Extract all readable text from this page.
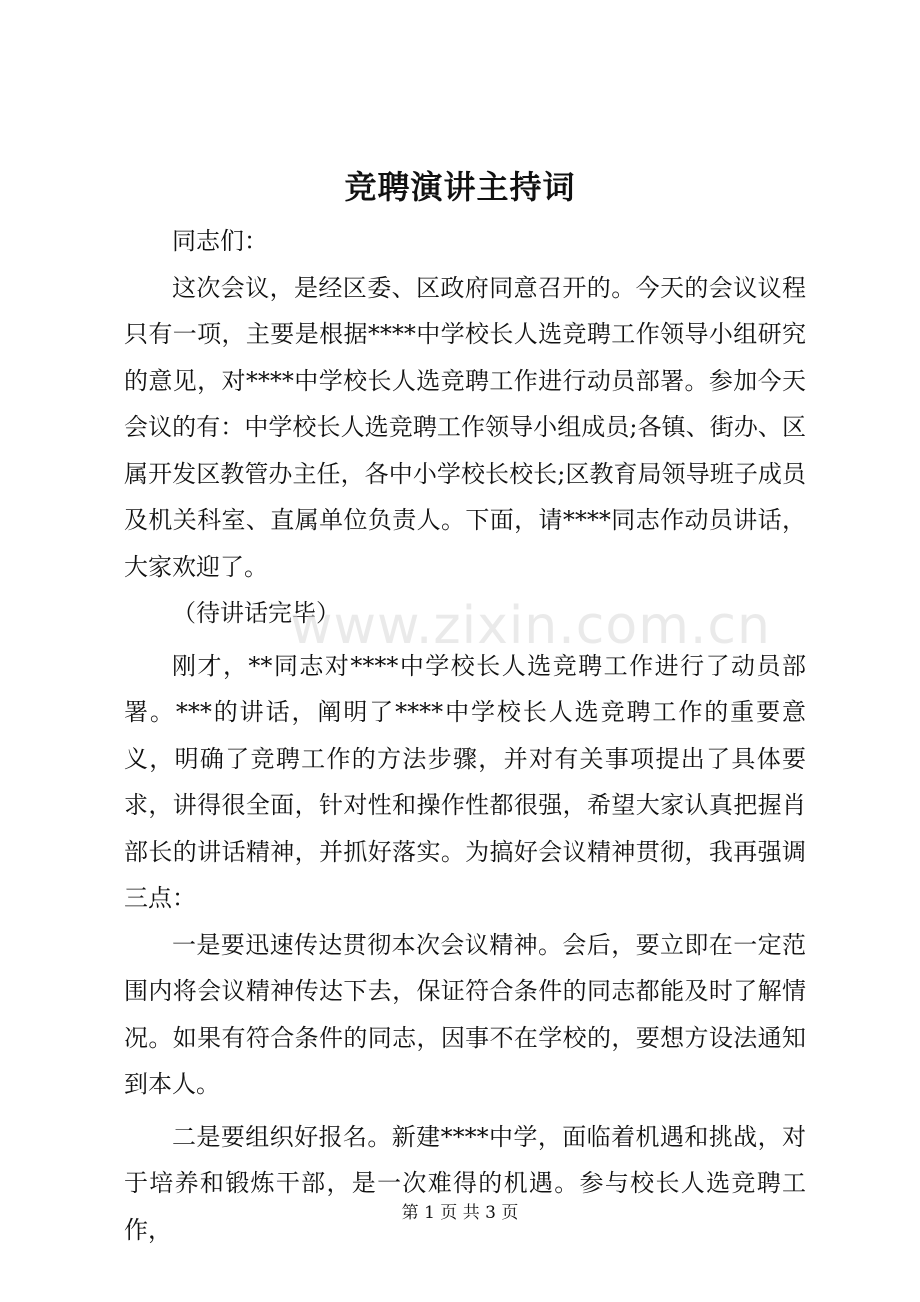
竞聘演讲主持词

同志们：

这次会议，是经区委、区政府同意召开的。今天的会议议程只有一项，主要是根据****中学校长人选竞聘工作领导小组研究的意见，对****中学校长人选竞聘工作进行动员部署。参加今天会议的有：中学校长人选竞聘工作领导小组成员;各镇、街办、区属开发区教管办主任，各中小学校长校长;区教育局领导班子成员及机关科室、直属单位负责人。下面，请****同志作动员讲话，大家欢迎了。

（待讲话完毕）

刚才，**同志对****中学校长人选竞聘工作进行了动员部署。***的讲话，阐明了****中学校长人选竞聘工作的重要意义，明确了竞聘工作的方法步骤，并对有关事项提出了具体要求，讲得很全面，针对性和操作性都很强，希望大家认真把握肖部长的讲话精神，并抓好落实。为搞好会议精神贯彻，我再强调三点：

一是要迅速传达贯彻本次会议精神。会后，要立即在一定范围内将会议精神传达下去，保证符合条件的同志都能及时了解情况。如果有符合条件的同志，因事不在学校的，要想方设法通知到本人。

二是要组织好报名。新建****中学，面临着机遇和挑战，对于培养和锻炼干部，是一次难得的机遇。参与校长人选竞聘工作，

www.zixin.com.cn
第 1 页 共 3 页
